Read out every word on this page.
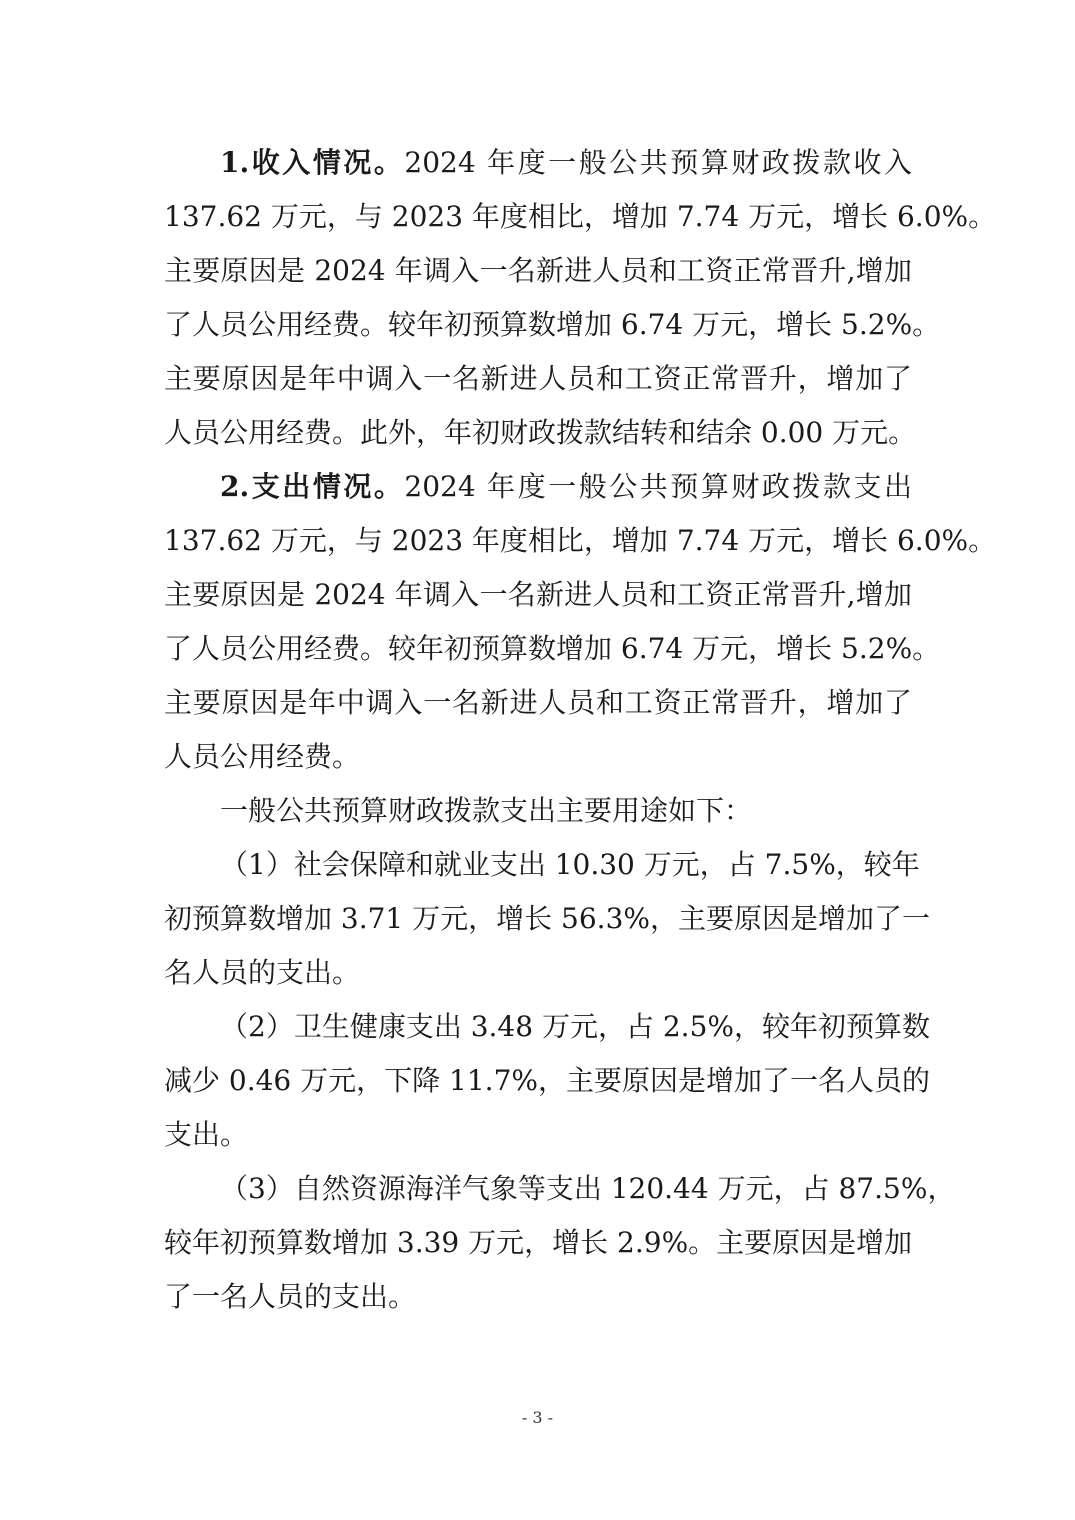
1.收入情况。2024 年度一般公共预算财政拨款收入
137.62 万元，与 2023 年度相比，增加 7.74 万元，增长 6.0%。
主要原因是 2024 年调入一名新进人员和工资正常晋升,增加
了人员公用经费。较年初预算数增加 6.74 万元，增长 5.2%。
主要原因是年中调入一名新进人员和工资正常晋升，增加了
人员公用经费。此外，年初财政拨款结转和结余 0.00 万元。
2.支出情况。2024 年度一般公共预算财政拨款支出
137.62 万元，与 2023 年度相比，增加 7.74 万元，增长 6.0%。
主要原因是 2024 年调入一名新进人员和工资正常晋升,增加
了人员公用经费。较年初预算数增加 6.74 万元，增长 5.2%。
主要原因是年中调入一名新进人员和工资正常晋升，增加了
人员公用经费。
一般公共预算财政拨款支出主要用途如下：
（1）社会保障和就业支出 10.30 万元，占 7.5%，较年
初预算数增加 3.71 万元，增长 56.3%，主要原因是增加了一
名人员的支出。
（2）卫生健康支出 3.48 万元，占 2.5%，较年初预算数
减少 0.46 万元，下降 11.7%，主要原因是增加了一名人员的
支出。
（3）自然资源海洋气象等支出 120.44 万元，占 87.5%，
较年初预算数增加 3.39 万元，增长 2.9%。主要原因是增加
了一名人员的支出。
- 3 -
